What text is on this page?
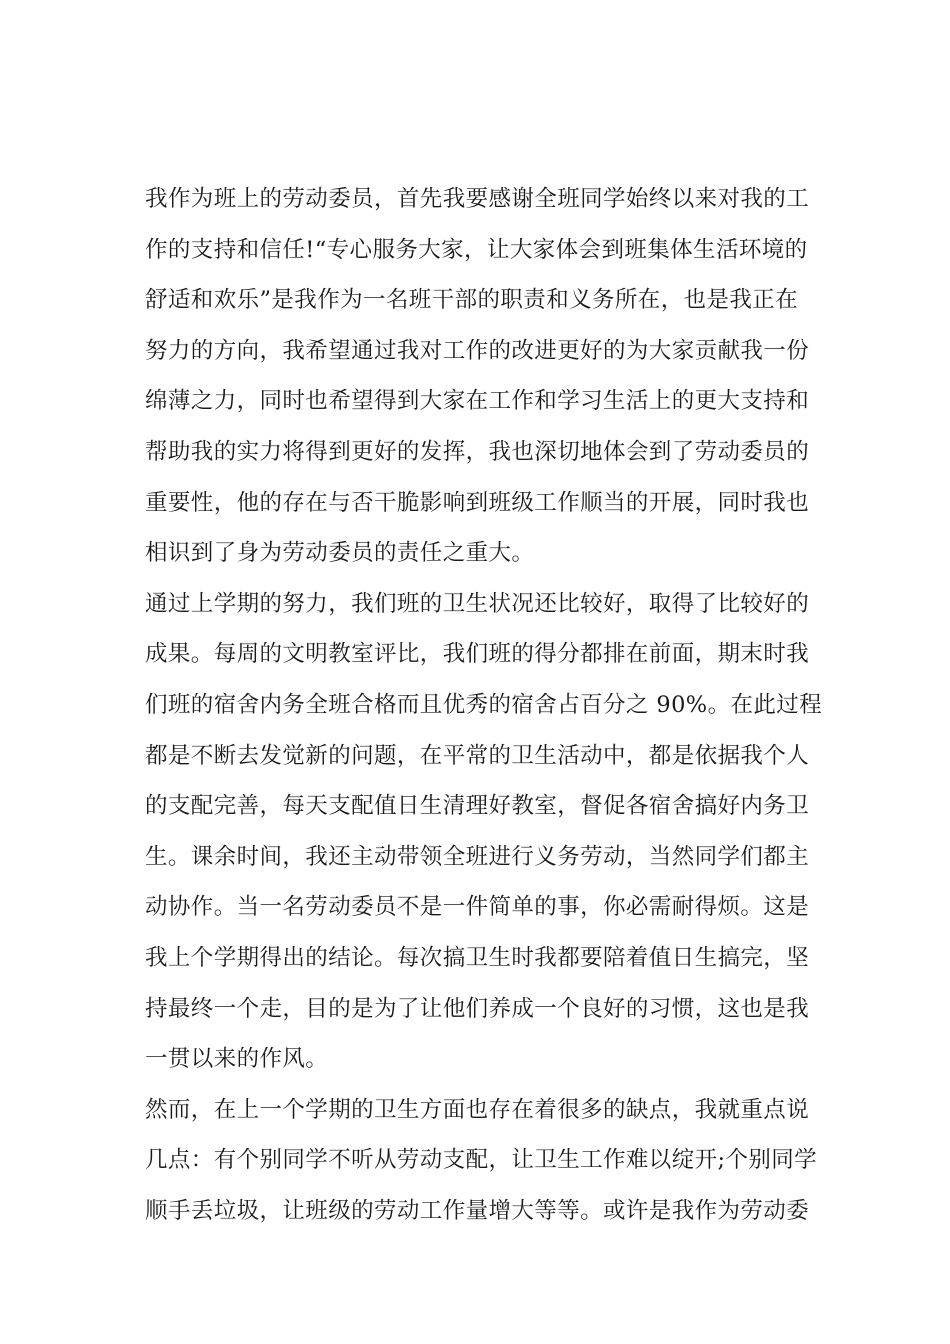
我作为班上的劳动委员，首先我要感谢全班同学始终以来对我的工
作的支持和信任!“专心服务大家，让大家体会到班集体生活环境的
舒适和欢乐”是我作为一名班干部的职责和义务所在，也是我正在
努力的方向，我希望通过我对工作的改进更好的为大家贡献我一份
绵薄之力，同时也希望得到大家在工作和学习生活上的更大支持和
帮助我的实力将得到更好的发挥，我也深切地体会到了劳动委员的
重要性，他的存在与否干脆影响到班级工作顺当的开展，同时我也
相识到了身为劳动委员的责任之重大。
通过上学期的努力，我们班的卫生状况还比较好，取得了比较好的
成果。每周的文明教室评比，我们班的得分都排在前面，期末时我
们班的宿舍内务全班合格而且优秀的宿舍占百分之 90%。在此过程
都是不断去发觉新的问题，在平常的卫生活动中，都是依据我个人
的支配完善，每天支配值日生清理好教室，督促各宿舍搞好内务卫
生。课余时间，我还主动带领全班进行义务劳动，当然同学们都主
动协作。当一名劳动委员不是一件简单的事，你必需耐得烦。这是
我上个学期得出的结论。每次搞卫生时我都要陪着值日生搞完，坚
持最终一个走，目的是为了让他们养成一个良好的习惯，这也是我
一贯以来的作风。
然而，在上一个学期的卫生方面也存在着很多的缺点，我就重点说
几点：有个别同学不听从劳动支配，让卫生工作难以绽开;个别同学
顺手丢垃圾，让班级的劳动工作量增大等等。或许是我作为劳动委
